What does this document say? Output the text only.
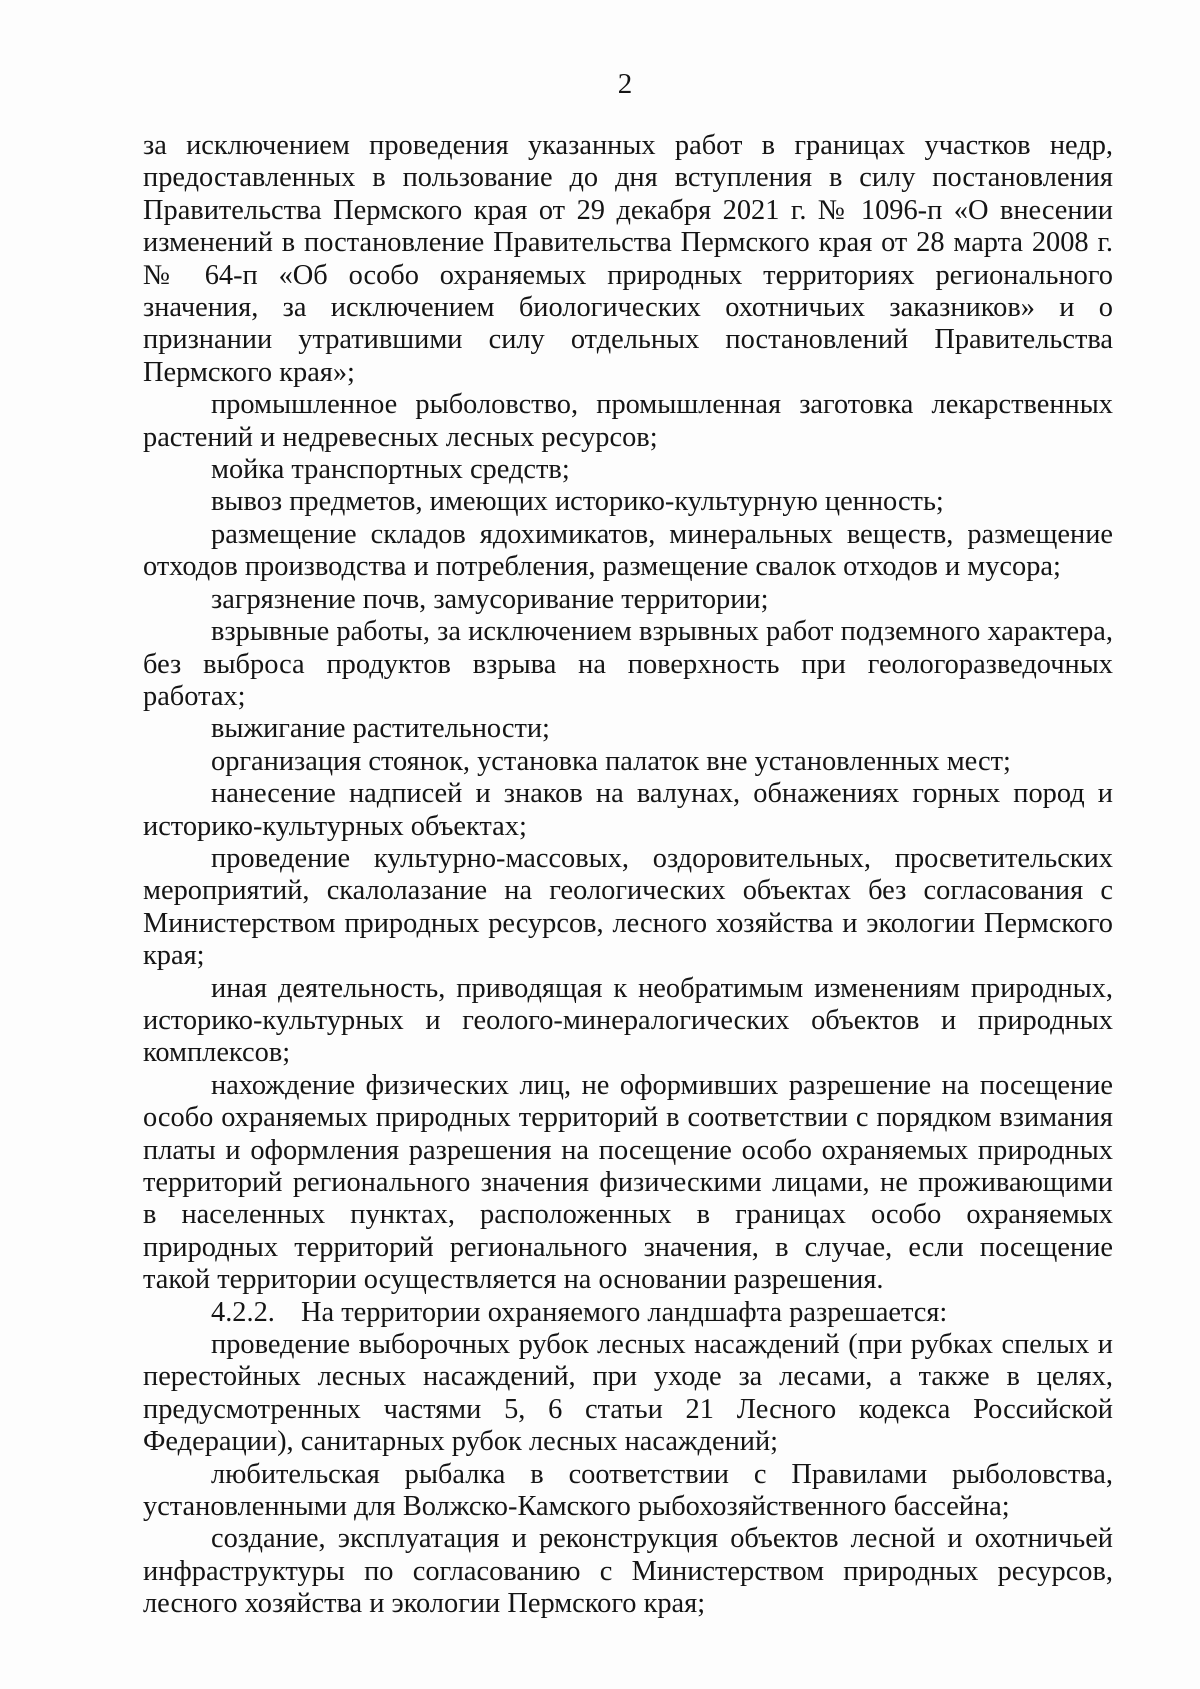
2

за исключением проведения указанных работ в границах участков недр, предоставленных в пользование до дня вступления в силу постановления Правительства Пермского края от 29 декабря 2021 г. № 1096-п «О внесении изменений в постановление Правительства Пермского края от 28 марта 2008 г. № 64-п «Об особо охраняемых природных территориях регионального значения, за исключением биологических охотничьих заказников» и о признании утратившими силу отдельных постановлений Правительства Пермского края»;

промышленное рыболовство, промышленная заготовка лекарственных растений и недревесных лесных ресурсов;

мойка транспортных средств;

вывоз предметов, имеющих историко-культурную ценность;

размещение складов ядохимикатов, минеральных веществ, размещение отходов производства и потребления, размещение свалок отходов и мусора;

загрязнение почв, замусоривание территории;

взрывные работы, за исключением взрывных работ подземного характера, без выброса продуктов взрыва на поверхность при геологоразведочных работах;

выжигание растительности;

организация стоянок, установка палаток вне установленных мест;

нанесение надписей и знаков на валунах, обнажениях горных пород и историко-культурных объектах;

проведение культурно-массовых, оздоровительных, просветительских мероприятий, скалолазание на геологических объектах без согласования с Министерством природных ресурсов, лесного хозяйства и экологии Пермского края;

иная деятельность, приводящая к необратимым изменениям природных, историко-культурных и геолого-минералогических объектов и природных комплексов;

нахождение физических лиц, не оформивших разрешение на посещение особо охраняемых природных территорий в соответствии с порядком взимания платы и оформления разрешения на посещение особо охраняемых природных территорий регионального значения физическими лицами, не проживающими в населенных пунктах, расположенных в границах особо охраняемых природных территорий регионального значения, в случае, если посещение такой территории осуществляется на основании разрешения.

4.2.2. На территории охраняемого ландшафта разрешается:

проведение выборочных рубок лесных насаждений (при рубках спелых и перестойных лесных насаждений, при уходе за лесами, а также в целях, предусмотренных частями 5, 6 статьи 21 Лесного кодекса Российской Федерации), санитарных рубок лесных насаждений;

любительская рыбалка в соответствии с Правилами рыболовства, установленными для Волжско-Камского рыбохозяйственного бассейна;

создание, эксплуатация и реконструкция объектов лесной и охотничьей инфраструктуры по согласованию с Министерством природных ресурсов, лесного хозяйства и экологии Пермского края;
